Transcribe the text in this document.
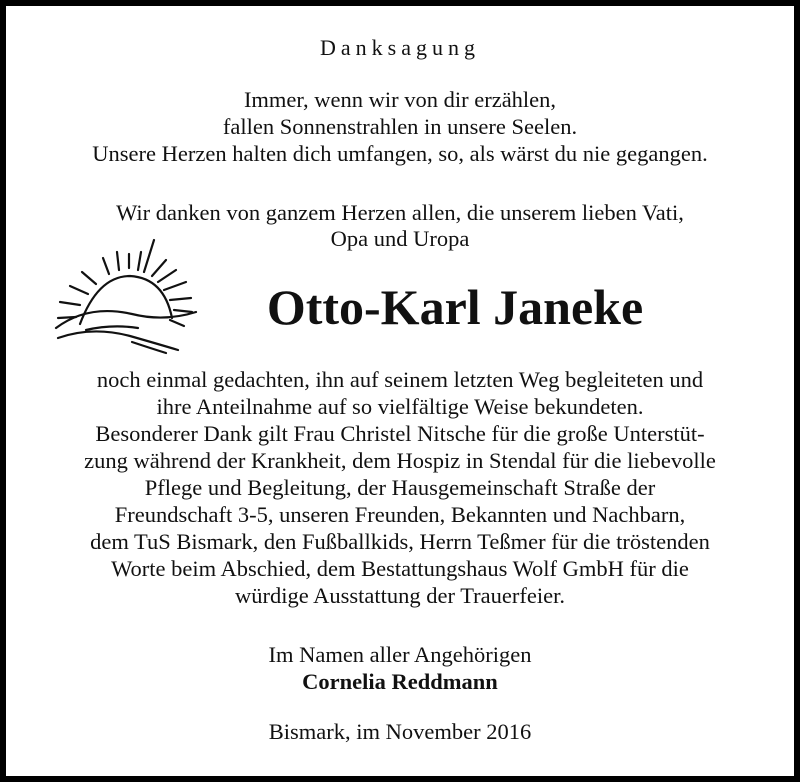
Danksagung
Immer, wenn wir von dir erzählen,
fallen Sonnenstrahlen in unsere Seelen.
Unsere Herzen halten dich umfangen, so, als wärst du nie gegangen.
Wir danken von ganzem Herzen allen, die unserem lieben Vati,
Opa und Uropa
Otto-Karl Janeke
noch einmal gedachten, ihn auf seinem letzten Weg begleiteten und
ihre Anteilnahme auf so vielfältige Weise bekundeten.
Besonderer Dank gilt Frau Christel Nitsche für die große Unterstüt-
zung während der Krankheit, dem Hospiz in Stendal für die liebevolle
Pflege und Begleitung, der Hausgemeinschaft Straße der
Freundschaft 3-5, unseren Freunden, Bekannten und Nachbarn,
dem TuS Bismark, den Fußballkids, Herrn Teßmer für die tröstenden
Worte beim Abschied, dem Bestattungshaus Wolf GmbH für die
würdige Ausstattung der Trauerfeier.
Im Namen aller Angehörigen
Cornelia Reddmann
Bismark, im November 2016
